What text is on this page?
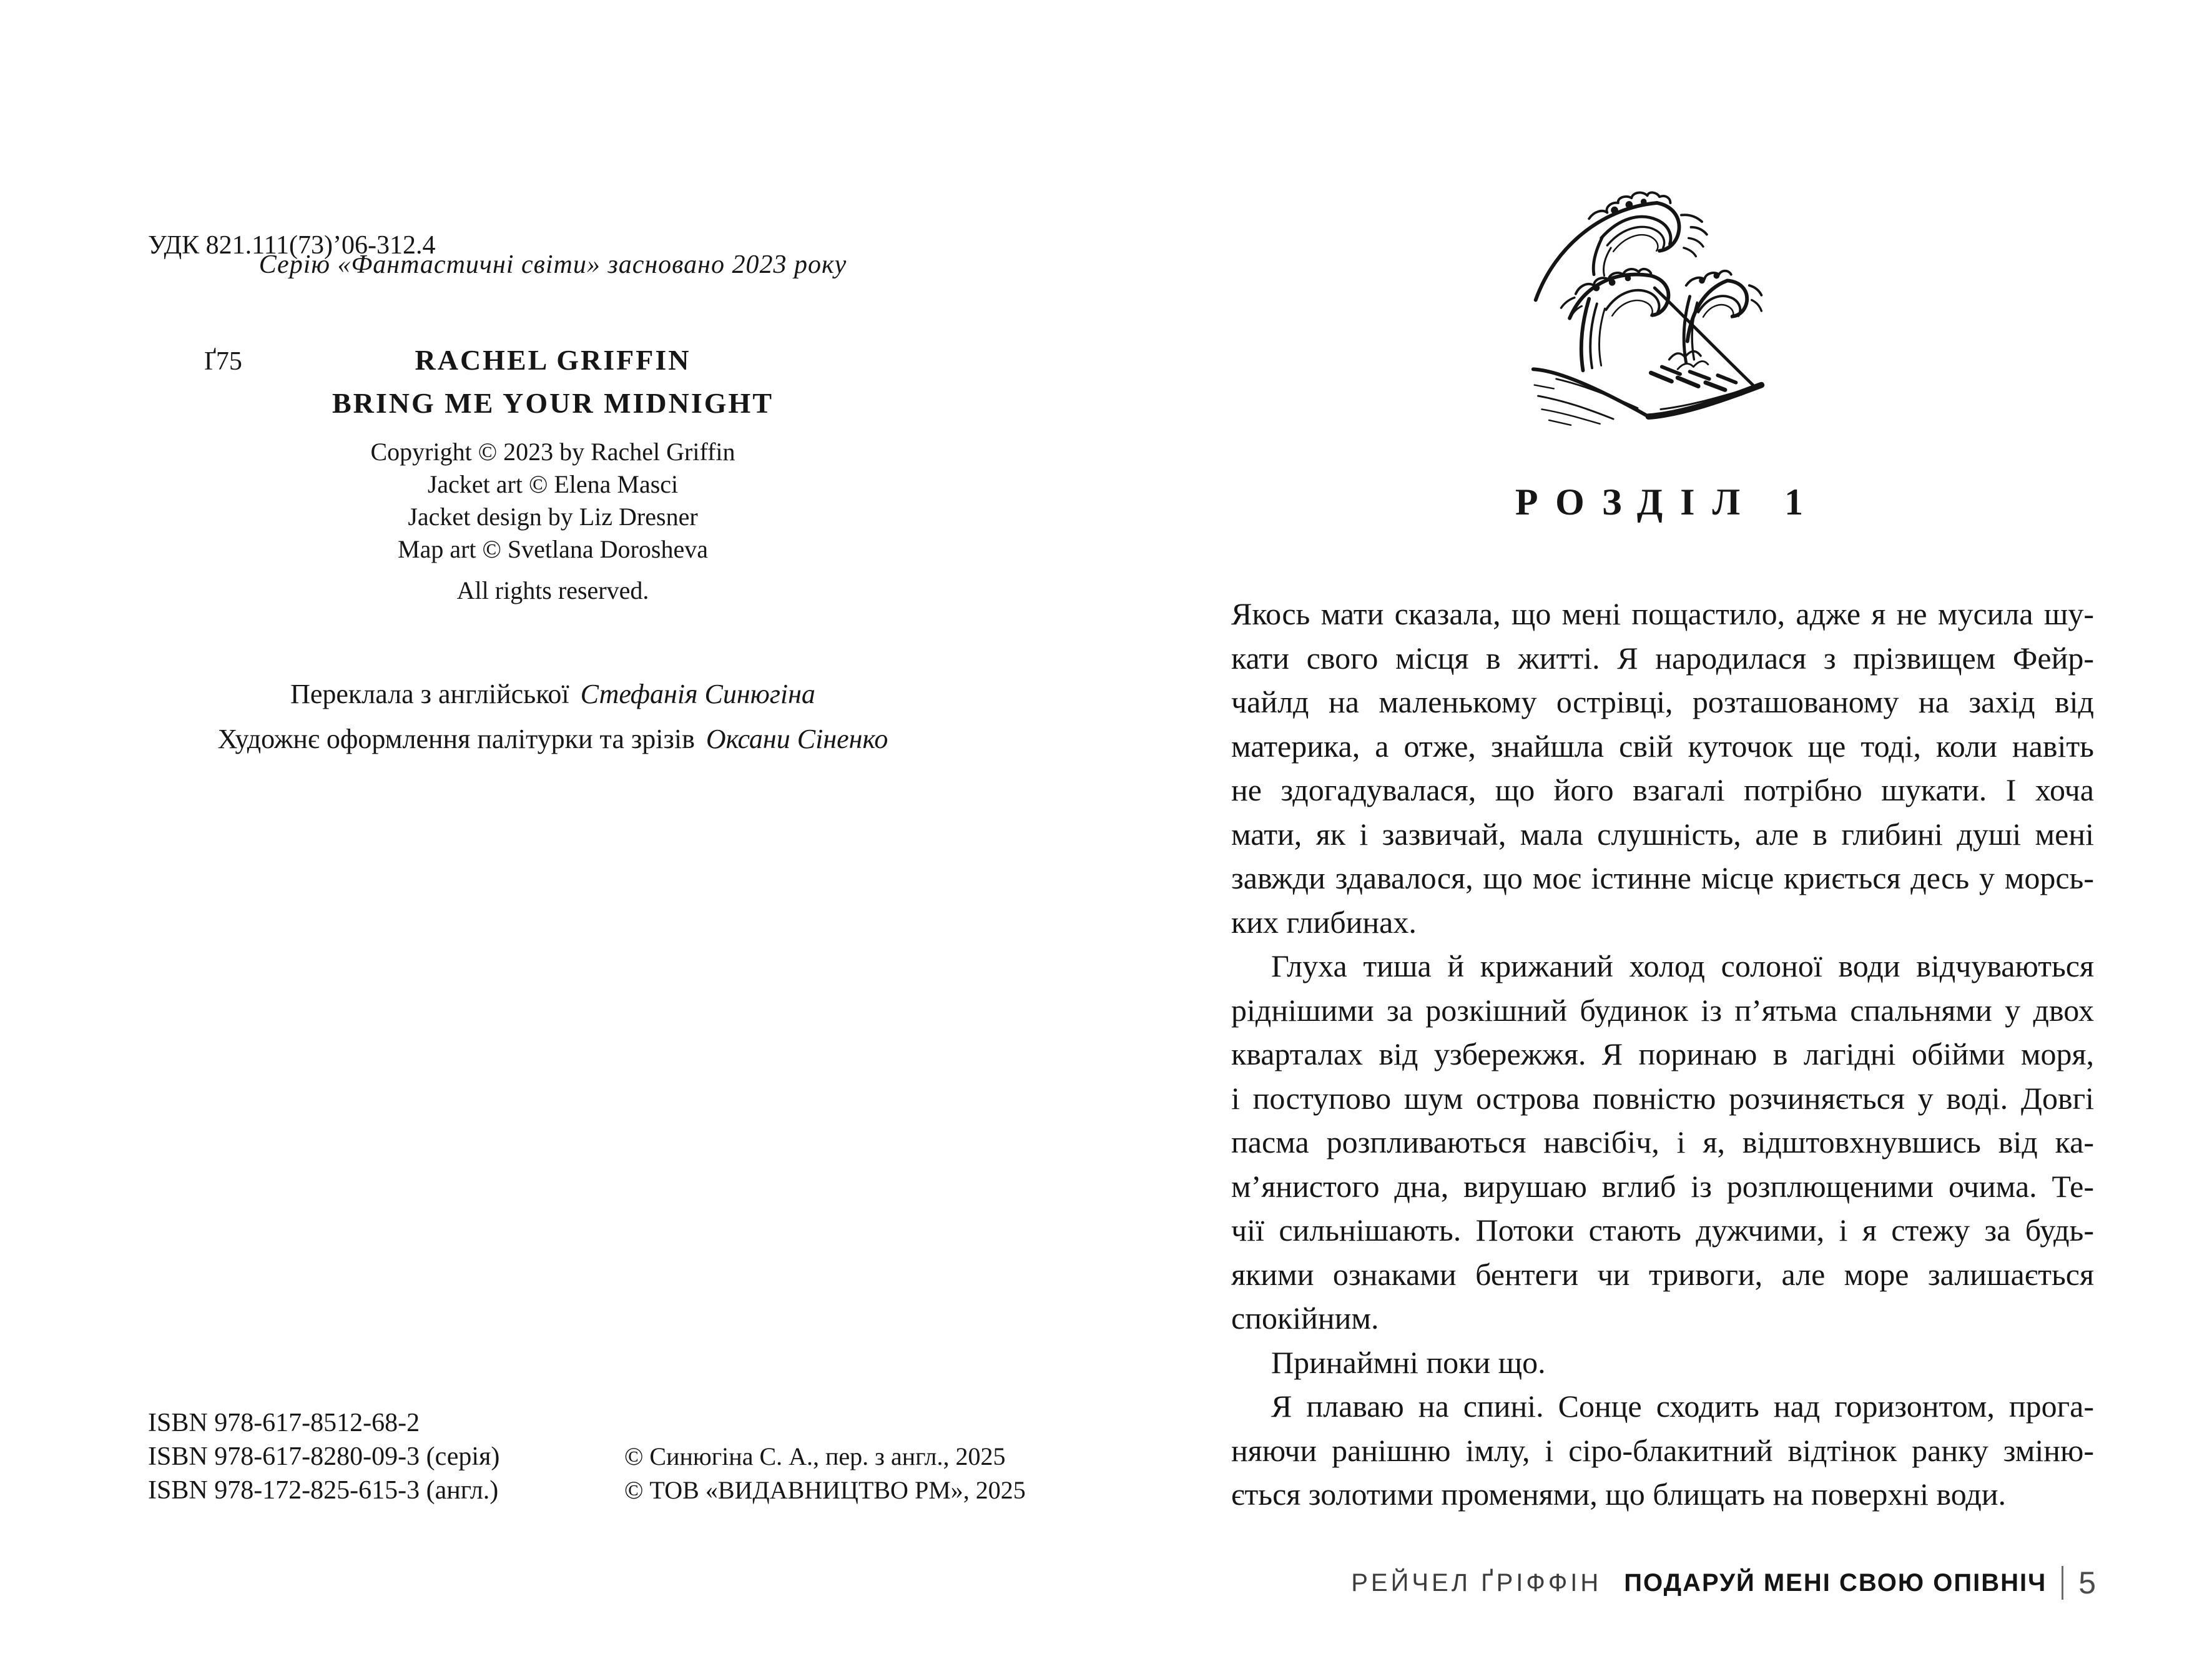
УДК 821.111(73)’06-312.4

Ґ75

Серію «Фантастичні світи» засновано 2023 року
RACHEL GRIFFIN
BRING ME YOUR MIDNIGHT
Copyright © 2023 by Rachel Griffin
Jacket art © Elena Masci
Jacket design by Liz Dresner
Map art © Svetlana Dorosheva
All rights reserved.
Переклала з англійської Стефанія Синюгіна
Художнє оформлення палітурки та зрізів Оксани Сіненко
ISBN 978-617-8512-68-2
ISBN 978-617-8280-09-3 (серія)
ISBN 978-172-825-615-3 (англ.)
© Синюгіна С. А., пер. з англ., 2025
© ТОВ «ВИДАВНИЦТВО РМ», 2025
РОЗДІЛ 1
Якось мати сказала, що мені пощастило, адже я не мусила шу-
кати свого місця в житті. Я народилася з прізвищем Фейр-
чайлд на маленькому острівці, розташованому на захід від
материка, а отже, знайшла свій куточок ще тоді, коли навіть
не здогадувалася, що його взагалі потрібно шукати. І хоча
мати, як і зазвичай, мала слушність, але в глибині душі мені
завжди здавалося, що моє істинне місце криється десь у морсь-
ких глибинах.
Глуха тиша й крижаний холод солоної води відчуваються
ріднішими за розкішний будинок із п’ятьма спальнями у двох
кварталах від узбережжя. Я поринаю в лагідні обійми моря,
і поступово шум острова повністю розчиняється у воді. Довгі
пасма розпливаються навсібіч, і я, відштовхнувшись від ка-
м’янистого дна, вирушаю вглиб із розплющеними очима. Те-
чії сильнішають. Потоки стають дужчими, і я стежу за будь-
якими ознаками бентеги чи тривоги, але море залишається
спокійним.
Принаймні поки що.
Я плаваю на спині. Сонце сходить над горизонтом, прога-
няючи ранішню імлу, і сіро-блакитний відтінок ранку зміню-
ється золотими променями, що блищать на поверхні води.
РЕЙЧЕЛ ҐРІФФІН ПОДАРУЙ МЕНІ СВОЮ ОПІВНІЧ 5
